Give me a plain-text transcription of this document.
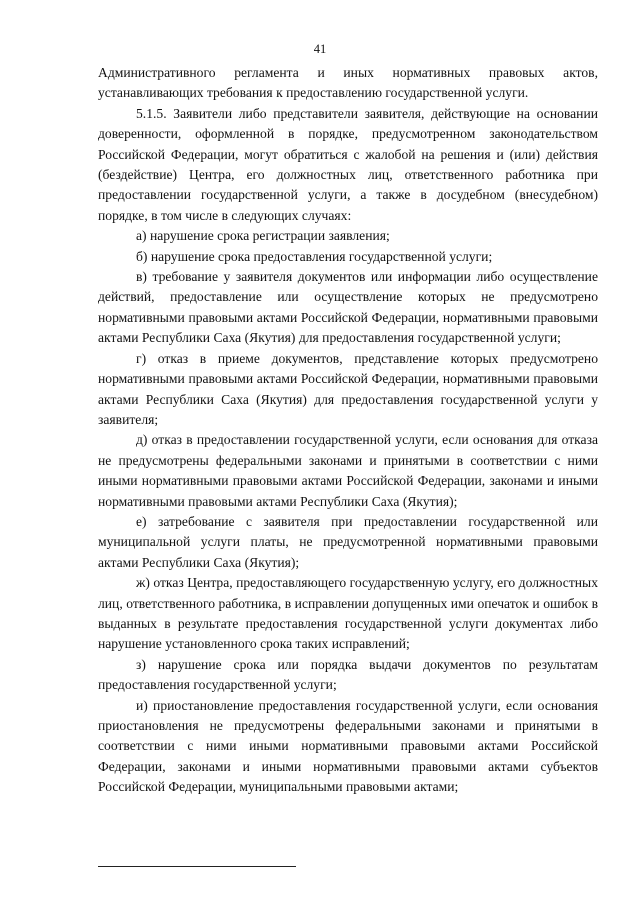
41

Административного регламента и иных нормативных правовых актов, устанавливающих требования к предоставлению государственной услуги.

5.1.5. Заявители либо представители заявителя, действующие на основании доверенности, оформленной в порядке, предусмотренном законодательством Российской Федерации, могут обратиться с жалобой на решения и (или) действия (бездействие) Центра, его должностных лиц, ответственного работника при предоставлении государственной услуги, а также в досудебном (внесудебном) порядке, в том числе в следующих случаях:

а) нарушение срока регистрации заявления;

б) нарушение срока предоставления государственной услуги;

в) требование у заявителя документов или информации либо осуществление действий, предоставление или осуществление которых не предусмотрено нормативными правовыми актами Российской Федерации, нормативными правовыми актами Республики Саха (Якутия) для предоставления государственной услуги;

г) отказ в приеме документов, представление которых предусмотрено нормативными правовыми актами Российской Федерации, нормативными правовыми актами Республики Саха (Якутия) для предоставления государственной услуги у заявителя;

д) отказ в предоставлении государственной услуги, если основания для отказа не предусмотрены федеральными законами и принятыми в соответствии с ними иными нормативными правовыми актами Российской Федерации, законами и иными нормативными правовыми актами Республики Саха (Якутия);

е) затребование с заявителя при предоставлении государственной или муниципальной услуги платы, не предусмотренной нормативными правовыми актами Республики Саха (Якутия);

ж) отказ Центра, предоставляющего государственную услугу, его должностных лиц, ответственного работника, в исправлении допущенных ими опечаток и ошибок в выданных в результате предоставления государственной услуги документах либо нарушение установленного срока таких исправлений;

з) нарушение срока или порядка выдачи документов по результатам предоставления государственной услуги;

и) приостановление предоставления государственной услуги, если основания приостановления не предусмотрены федеральными законами и принятыми в соответствии с ними иными нормативными правовыми актами Российской Федерации, законами и иными нормативными правовыми актами субъектов Российской Федерации, муниципальными правовыми актами;
